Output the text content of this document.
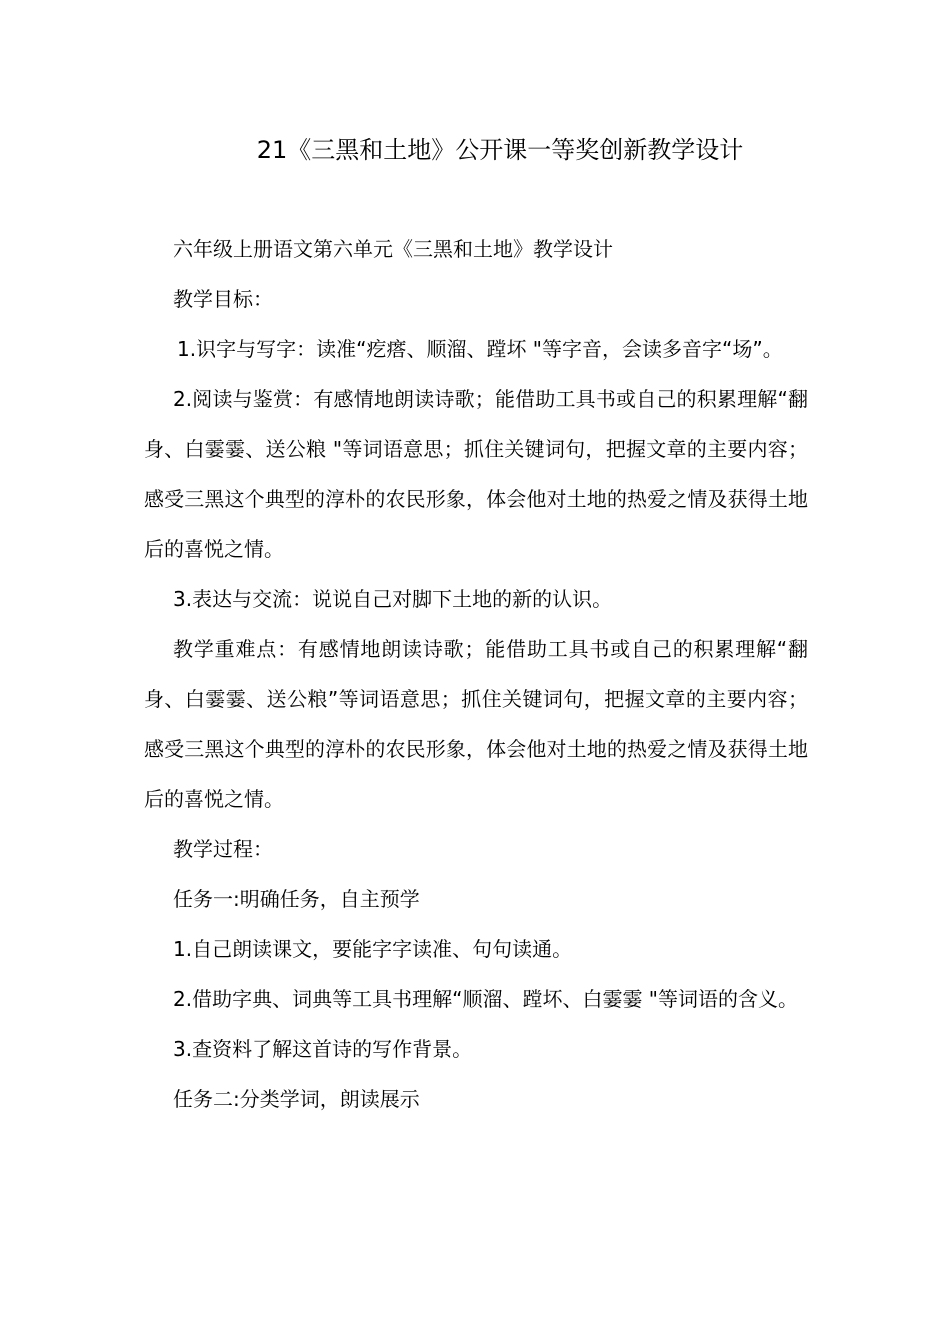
21《三黑和土地》公开课一等奖创新教学设计

六年级上册语文第六单元《三黑和土地》教学设计

教学目标：

1.识字与写字：读准“疙瘩、顺溜、蹚坏 "等字音，会读多音字“场”。

2.阅读与鉴赏：有感情地朗读诗歌；能借助工具书或自己的积累理解“翻身、白霎霎、送公粮 "等词语意思；抓住关键词句，把握文章的主要内容；感受三黑这个典型的淳朴的农民形象，体会他对土地的热爱之情及获得土地后的喜悦之情。

3.表达与交流：说说自己对脚下土地的新的认识。

教学重难点：有感情地朗读诗歌；能借助工具书或自己的积累理解“翻身、白霎霎、送公粮”等词语意思；抓住关键词句，把握文章的主要内容；感受三黑这个典型的淳朴的农民形象，体会他对土地的热爱之情及获得土地后的喜悦之情。

教学过程：

任务一:明确任务，自主预学

1.自己朗读课文，要能字字读准、句句读通。

2.借助字典、词典等工具书理解“顺溜、蹚坏、白霎霎 "等词语的含义。

3.查资料了解这首诗的写作背景。

任务二:分类学词，朗读展示
